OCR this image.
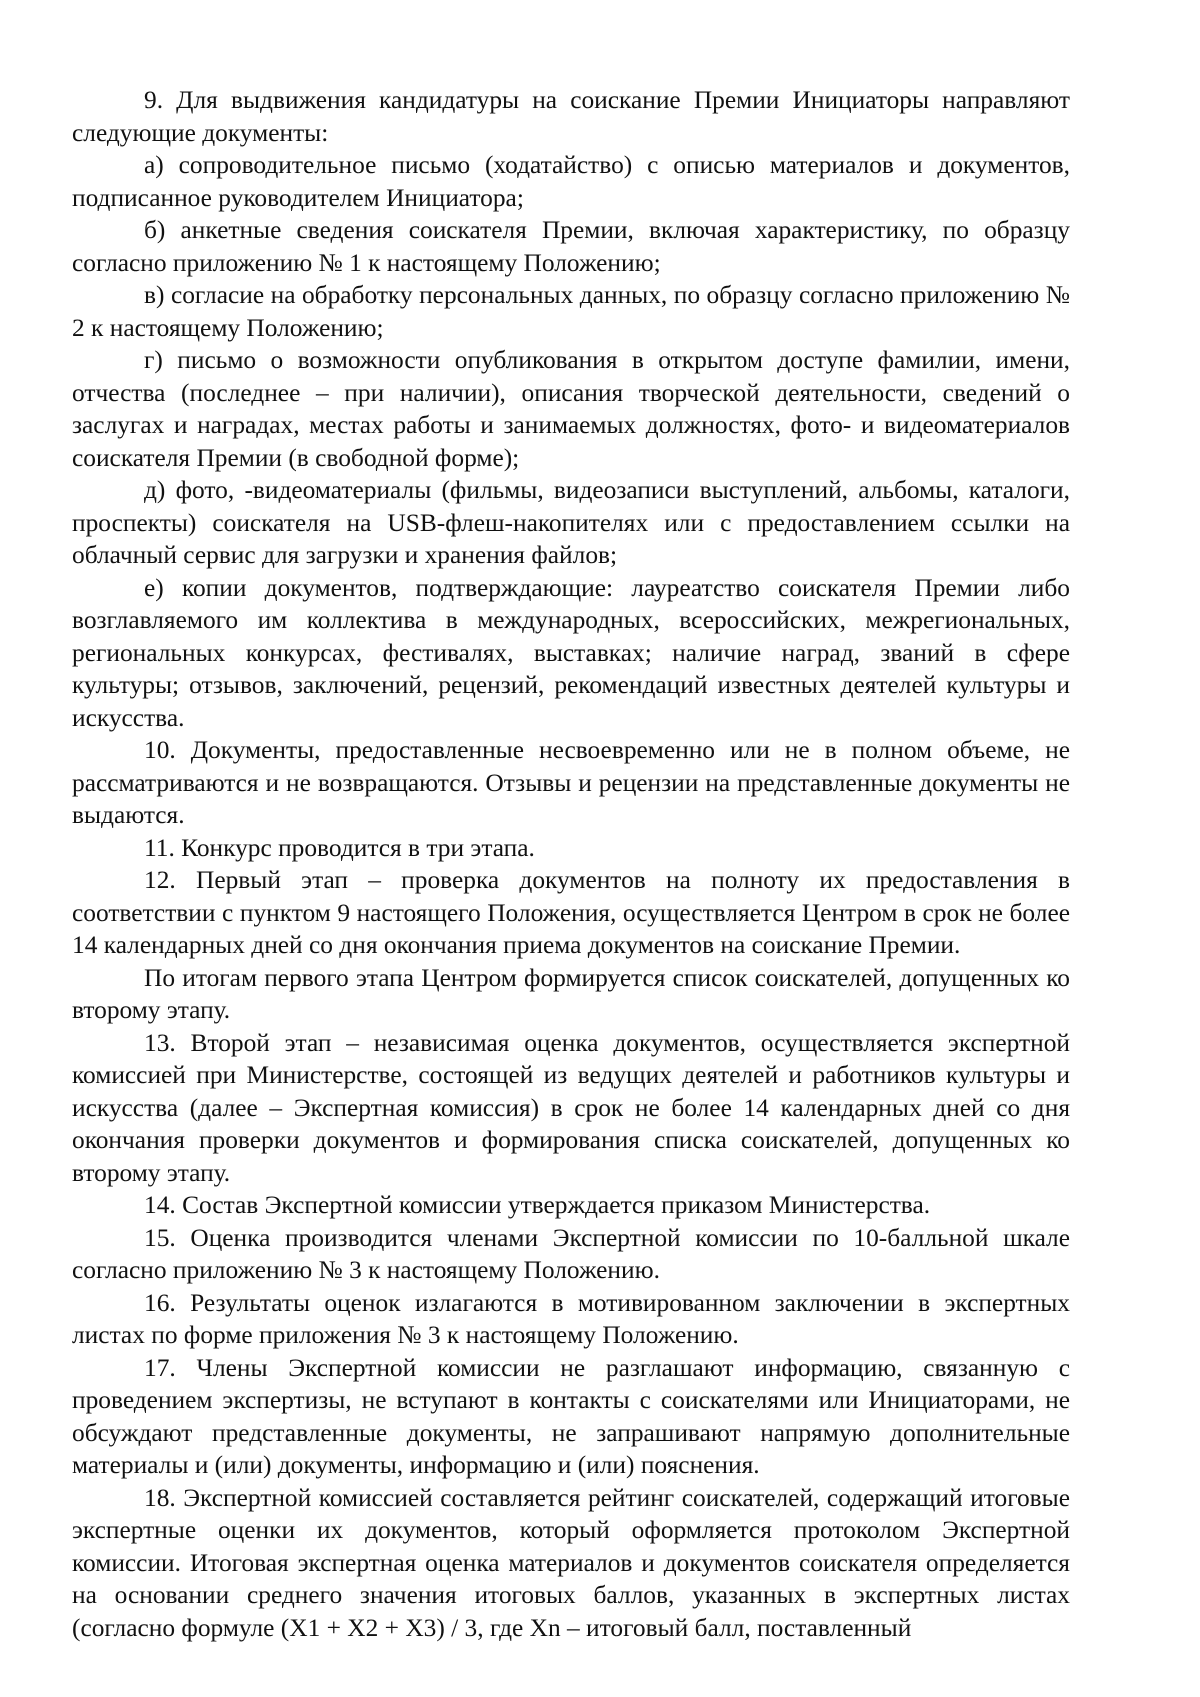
9. Для выдвижения кандидатуры на соискание Премии Инициаторы направляют следующие документы:

а) сопроводительное письмо (ходатайство) с описью материалов и документов, подписанное руководителем Инициатора;

б) анкетные сведения соискателя Премии, включая характеристику, по образцу согласно приложению № 1 к настоящему Положению;

в) согласие на обработку персональных данных, по образцу согласно приложению № 2 к настоящему Положению;

г) письмо о возможности опубликования в открытом доступе фамилии, имени, отчества (последнее – при наличии), описания творческой деятельности, сведений о заслугах и наградах, местах работы и занимаемых должностях, фото- и видеоматериалов соискателя Премии (в свободной форме);

д) фото, -видеоматериалы (фильмы, видеозаписи выступлений, альбомы, каталоги, проспекты) соискателя на USB-флеш-накопителях или с предоставлением ссылки на облачный сервис для загрузки и хранения файлов;

е) копии документов, подтверждающие: лауреатство соискателя Премии либо возглавляемого им коллектива в международных, всероссийских, межрегиональных, региональных конкурсах, фестивалях, выставках; наличие наград, званий в сфере культуры; отзывов, заключений, рецензий, рекомендаций известных деятелей культуры и искусства.

10. Документы, предоставленные несвоевременно или не в полном объеме, не рассматриваются и не возвращаются. Отзывы и рецензии на представленные документы не выдаются.

11. Конкурс проводится в три этапа.

12. Первый этап – проверка документов на полноту их предоставления в соответствии с пунктом 9 настоящего Положения, осуществляется Центром в срок не более 14 календарных дней со дня окончания приема документов на соискание Премии.

По итогам первого этапа Центром формируется список соискателей, допущенных ко второму этапу.

13. Второй этап – независимая оценка документов, осуществляется экспертной комиссией при Министерстве, состоящей из ведущих деятелей и работников культуры и искусства (далее – Экспертная комиссия) в срок не более 14 календарных дней со дня окончания проверки документов и формирования списка соискателей, допущенных ко второму этапу.

14. Состав Экспертной комиссии утверждается приказом Министерства.

15. Оценка производится членами Экспертной комиссии по 10-балльной шкале согласно приложению № 3 к настоящему Положению.

16. Результаты оценок излагаются в мотивированном заключении в экспертных листах по форме приложения № 3 к настоящему Положению.

17. Члены Экспертной комиссии не разглашают информацию, связанную с проведением экспертизы, не вступают в контакты с соискателями или Инициаторами, не обсуждают представленные документы, не запрашивают напрямую дополнительные материалы и (или) документы, информацию и (или) пояснения.

18. Экспертной комиссией составляется рейтинг соискателей, содержащий итоговые экспертные оценки их документов, который оформляется протоколом Экспертной комиссии. Итоговая экспертная оценка материалов и документов соискателя определяется на основании среднего значения итоговых баллов, указанных в экспертных листах (согласно формуле (X1 + X2 + X3) / 3, где Xn – итоговый балл, поставленный
